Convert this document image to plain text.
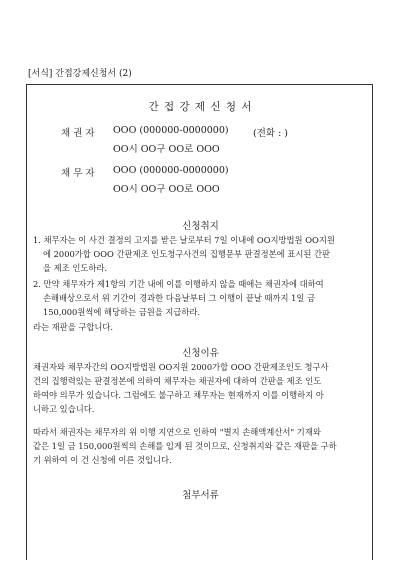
[서식] 간접강제신청서 (2)
간 접 강 제 신 청 서
채 권 자 OOO (000000-0000000)	(전화 : )
OO시 OO구 OO로 OOO
채 무 자 OOO (000000-0000000)
OO시 OO구 OO로 OOO
신청취지
1. 채무자는 이 사건 결정의 고지를 받은 날로부터 7일 이내에 OO지방법원 OO지원
에 2000가합 OOO 간판제조 인도청구사건의 집행문부 판결정본에 표시된 간판
을 제조 인도하라.
2. 만약 채무자가 제1항의 기간 내에 이를 이행하지 않을 때에는 채권자에 대하여
손해배상으로서 위 기간이 경과한 다음날부터 그 이행이 끝날 때까지 1일 금
150,000원씩에 해당하는 금원을 지급하라.
라는 재판을 구합니다.
신청이유
채권자와 채무자간의 OO지방법원 OO지원 2000가합 OOO 간판제조인도 청구사
건의 집행력있는 판결정본에 의하여 채무자는 채권자에 대하여 간판을 제조 인도
하여야 의무가 있습니다. 그럼에도 불구하고 채무자는 현재까지 이를 이행하지 아
니하고 있습니다.
따라서 채권자는 채무자의 위 이행 지연으로 인하여 "별지 손해액계산서" 기재와
같은 1일 금 150,000원씩의 손해를 입게 된 것이므로, 신청취지와 같은 재판을 구하
기 위하여 이 건 신청에 이른 것입니다.
첨부서류
